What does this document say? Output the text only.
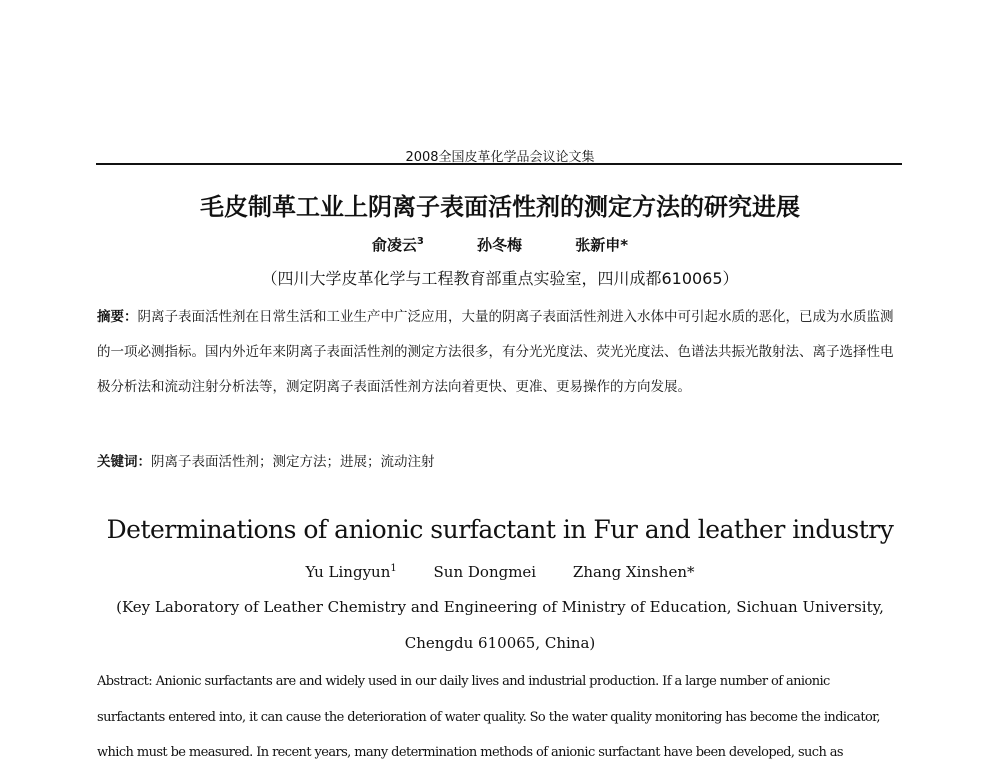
2008全国皮革化学品会议论文集
毛皮制革工业上阴离子表面活性剂的测定方法的研究进展
俞凌云$^3$	孙冬梅	张新申*
（四川大学皮革化学与工程教育部重点实验室，四川成都610065）
摘要：阴离子表面活性剂在日常生活和工业生产中广泛应用，大量的阴离子表面活性剂进入水体中可引起水质的恶化，已成为水质监测的一项必测指标。国内外近年来阴离子表面活性剂的测定方法很多，有分光光度法、荧光光度法、色谱法共振光散射法、离子选择性电极分析法和流动注射分析法等，测定阴离子表面活性剂方法向着更快、更准、更易操作的方向发展。
关键词：阴离子表面活性剂；测定方法；进展；流动注射
Determinations of anionic surfactant in Fur and leather industry
Yu Lingyun$^1$ Sun Dongmei Zhang Xinshen*
(Key Laboratory of Leather Chemistry and Engineering of Ministry of Education, Sichuan University,
Chengdu 610065, China)
Abstract: Anionic surfactants are and widely used in our daily lives and industrial production. If a large number of anionic
surfactants entered into, it can cause the deterioration of water quality. So the water quality monitoring has become the indicator,
which must be measured. In recent years, many determination methods of anionic surfactant have been developed, such as
